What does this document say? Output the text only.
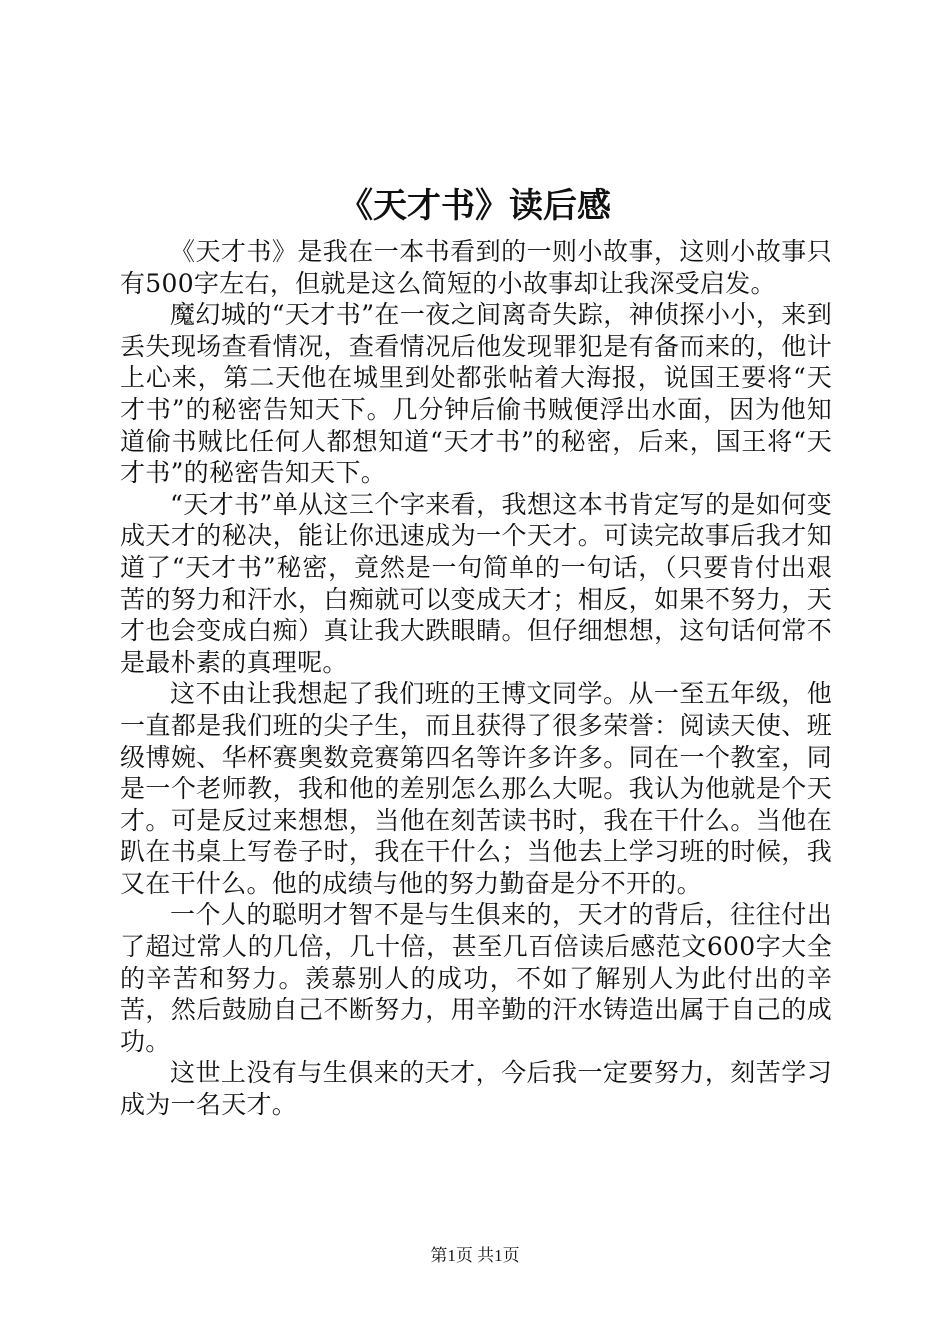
《天才书》读后感

《天才书》是我在一本书看到的一则小故事，这则小故事只有500字左右，但就是这么简短的小故事却让我深受启发。

魔幻城的“天才书”在一夜之间离奇失踪，神侦探小小，来到丢失现场查看情况，查看情况后他发现罪犯是有备而来的，他计上心来，第二天他在城里到处都张帖着大海报，说国王要将“天才书”的秘密告知天下。几分钟后偷书贼便浮出水面，因为他知道偷书贼比任何人都想知道“天才书”的秘密，后来，国王将“天才书”的秘密告知天下。

“天才书”单从这三个字来看，我想这本书肯定写的是如何变成天才的秘决，能让你迅速成为一个天才。可读完故事后我才知道了“天才书”秘密，竟然是一句简单的一句话，（只要肯付出艰苦的努力和汗水，白痴就可以变成天才；相反，如果不努力，天才也会变成白痴）真让我大跌眼睛。但仔细想想，这句话何常不是最朴素的真理呢。

这不由让我想起了我们班的王博文同学。从一至五年级，他一直都是我们班的尖子生，而且获得了很多荣誉：阅读天使、班级博婉、华杯赛奥数竞赛第四名等许多许多。同在一个教室，同是一个老师教，我和他的差别怎么那么大呢。我认为他就是个天才。可是反过来想想，当他在刻苦读书时，我在干什么。当他在趴在书桌上写卷子时，我在干什么；当他去上学习班的时候，我又在干什么。他的成绩与他的努力勤奋是分不开的。

一个人的聪明才智不是与生俱来的，天才的背后，往往付出了超过常人的几倍，几十倍，甚至几百倍读后感范文600字大全的辛苦和努力。羡慕别人的成功，不如了解别人为此付出的辛苦，然后鼓励自己不断努力，用辛勤的汗水铸造出属于自己的成功。

这世上没有与生俱来的天才，今后我一定要努力，刻苦学习成为一名天才。

第1页 共1页
